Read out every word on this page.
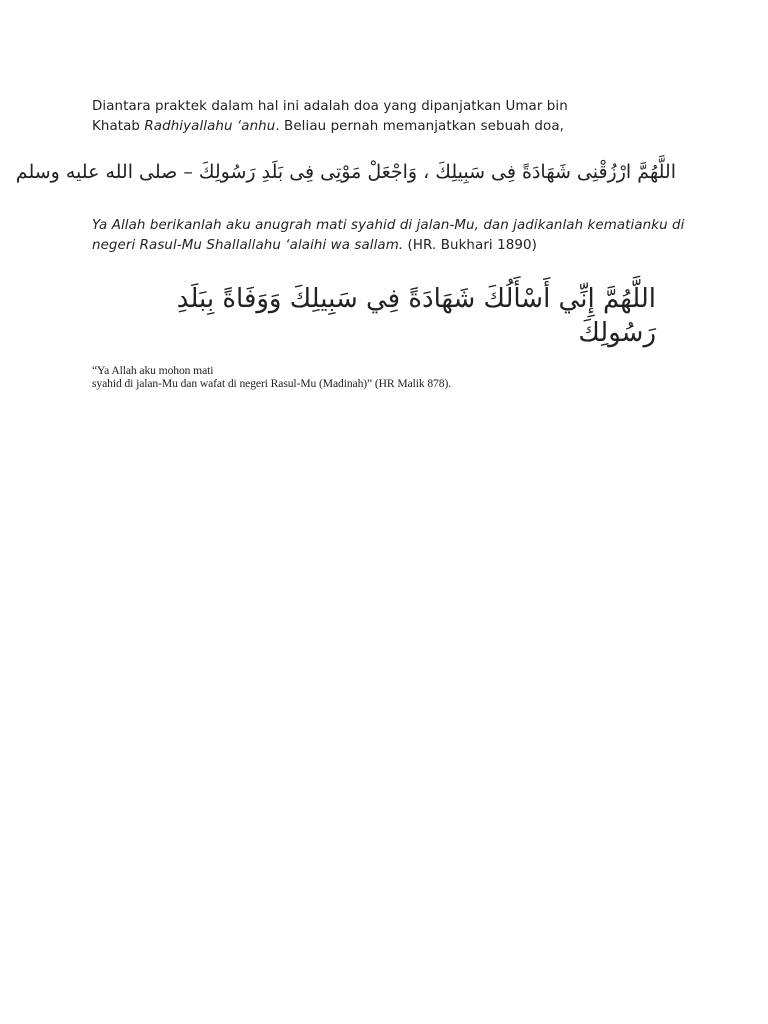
Diantara praktek dalam hal ini adalah doa yang dipanjatkan Umar bin
Khatab Radhiyallahu ‘anhu. Beliau pernah memanjatkan sebuah doa,

اللَّهُمَّ ارْزُقْنِى شَهَادَةً فِى سَبِيلِكَ ، وَاجْعَلْ مَوْتِى فِى بَلَدِ رَسُولِكَ – صلى الله عليه وسلم

Ya Allah berikanlah aku anugrah mati syahid di jalan-Mu, dan jadikanlah kematianku di
negeri Rasul-Mu Shallallahu ‘alaihi wa sallam. (HR. Bukhari 1890)

اللَّهُمَّ إِنِّي أَسْأَلُكَ شَهَادَةً فِي سَبِيلِكَ وَوَفَاةً بِبَلَدِ
رَسُولِكَ

“Ya Allah aku mohon mati
syahid di jalan-Mu dan wafat di negeri Rasul-Mu (Madinah)” (HR Malik 878).
